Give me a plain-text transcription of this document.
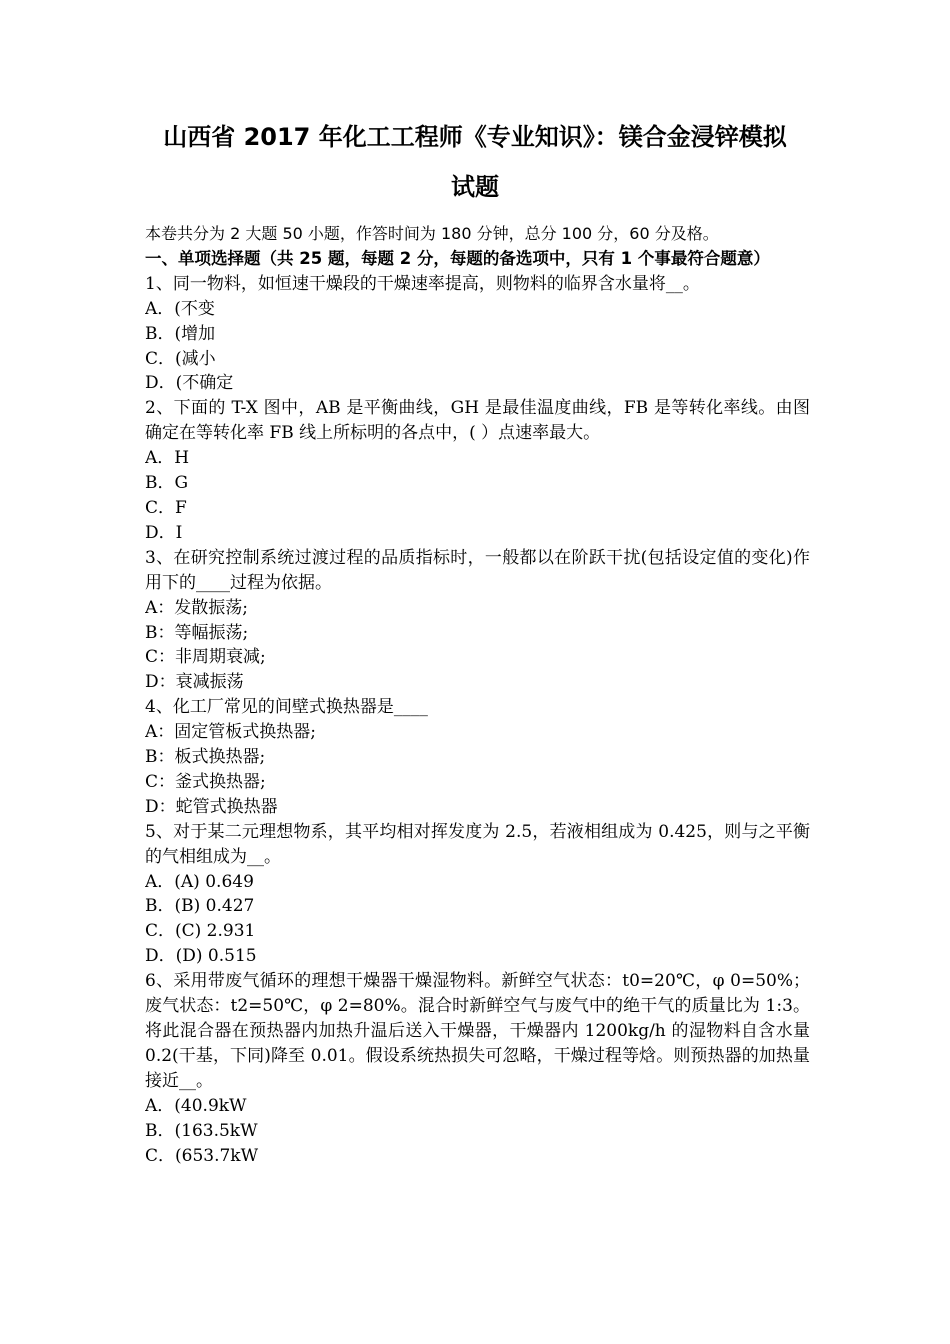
山西省 2017 年化工工程师《专业知识》：镁合金浸锌模拟
试题
本卷共分为 2 大题 50 小题，作答时间为 180 分钟，总分 100 分，60 分及格。
一、单项选择题（共 25 题，每题 2 分，每题的备选项中，只有 1 个事最符合题意）
1、同一物料，如恒速干燥段的干燥速率提高，则物料的临界含水量将__。
A．(不变
B．(增加
C．(减小
D．(不确定
2、下面的 T-X 图中，AB 是平衡曲线，GH 是最佳温度曲线，FB 是等转化率线。由图确定在等转化率 FB 线上所标明的各点中，( ）点速率最大。
A．H
B．G
C．F
D．I
3、在研究控制系统过渡过程的品质指标时，一般都以在阶跃干扰(包括设定值的变化)作用下的____过程为依据。
A：发散振荡;
B：等幅振荡;
C：非周期衰减;
D：衰减振荡
4、化工厂常见的间壁式换热器是____
A：固定管板式换热器;
B：板式换热器;
C：釜式换热器;
D：蛇管式换热器
5、对于某二元理想物系，其平均相对挥发度为 2.5，若液相组成为 0.425，则与之平衡的气相组成为__。
A．(A) 0.649
B．(B) 0.427
C．(C) 2.931
D．(D) 0.515
6、采用带废气循环的理想干燥器干燥湿物料。新鲜空气状态：t0=20℃，φ 0=50%；废气状态：t2=50℃，φ 2=80%。混合时新鲜空气与废气中的绝干气的质量比为 1:3。将此混合器在预热器内加热升温后送入干燥器，干燥器内 1200kg/h 的湿物料自含水量 0.2(干基，下同)降至 0.01。假设系统热损失可忽略，干燥过程等焓。则预热器的加热量接近__。
A．(40.9kW
B．(163.5kW
C．(653.7kW
